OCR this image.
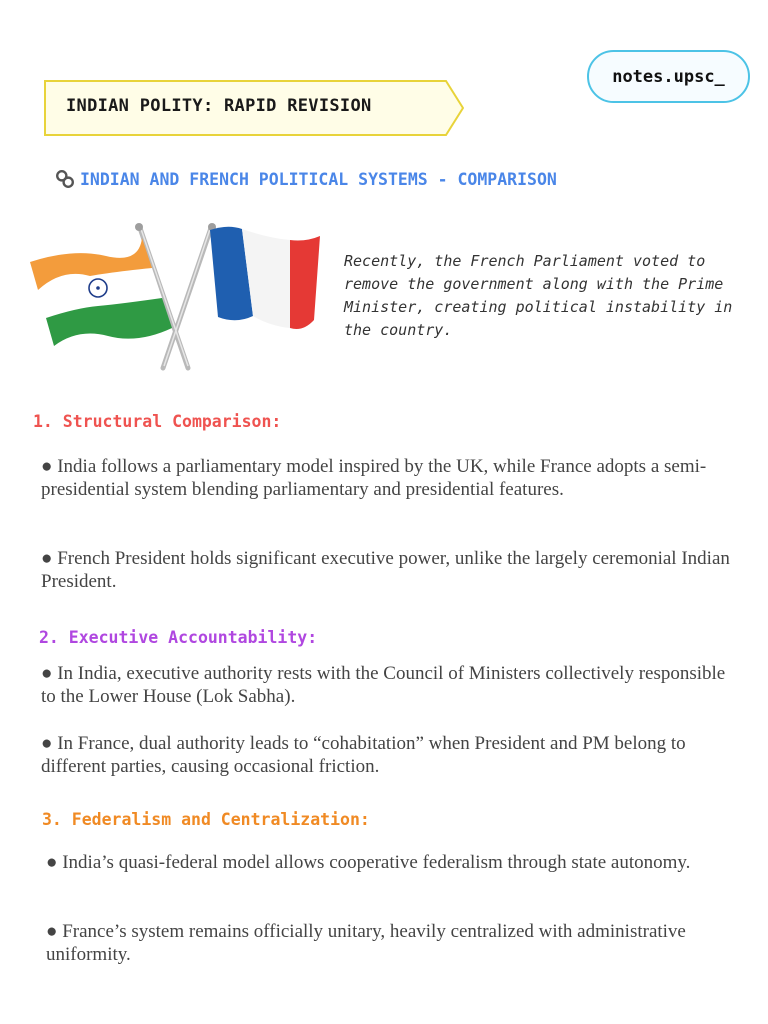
INDIAN POLITY: RAPID REVISION
notes.upsc_
INDIAN AND FRENCH POLITICAL SYSTEMS - COMPARISON
Recently, the French Parliament voted to remove the government along with the Prime Minister, creating political instability in the country.
1. Structural Comparison:
● India follows a parliamentary model inspired by the UK, while France adopts a semi-presidential system blending parliamentary and presidential features.
● French President holds significant executive power, unlike the largely ceremonial Indian President.
2. Executive Accountability:
● In India, executive authority rests with the Council of Ministers collectively responsible to the Lower House (Lok Sabha).
● In France, dual authority leads to “cohabitation” when President and PM belong to different parties, causing occasional friction.
3. Federalism and Centralization:
● India’s quasi-federal model allows cooperative federalism through state autonomy.
● France’s system remains officially unitary, heavily centralized with administrative uniformity.
